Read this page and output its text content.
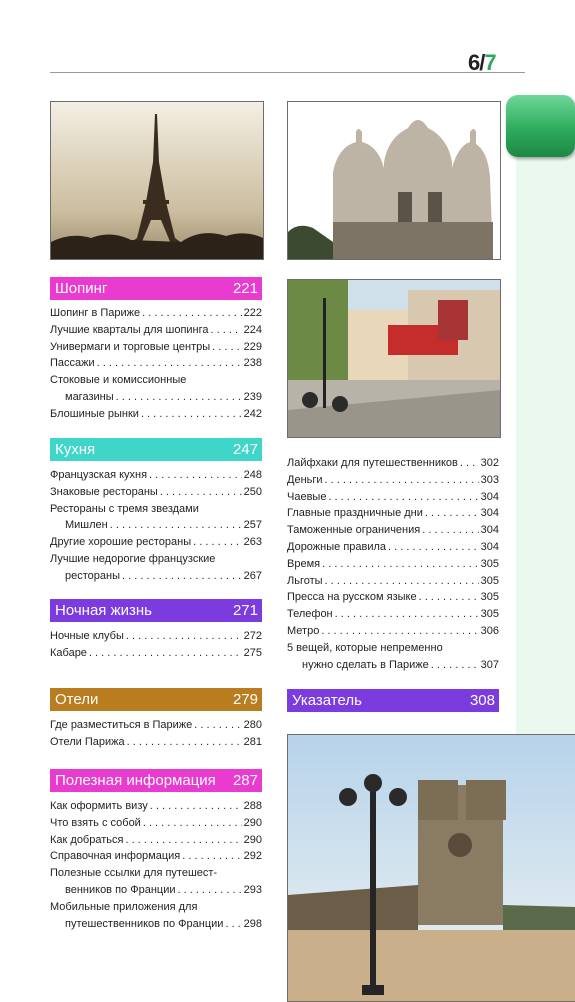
6/7
Шопинг	221
Шопинг в Париже . . .	222
Лучшие кварталы для шопинга . . .	224
Универмаги и торговые центры . . .	229
Пассажи . . .	238
Стоковые и комиссионные
магазины . . .	239
Блошиные рынки . . .	242
Кухня	247
Французская кухня . . .	248
Знаковые рестораны . . .	250
Рестораны с тремя звездами
Мишлен . . .	257
Другие хорошие рестораны . . .	263
Лучшие недорогие французские
рестораны . . .	267
Ночная жизнь	271
Ночные клубы . . .	272
Кабаре . . .	275
Отели	279
Где разместиться в Париже . . .	280
Отели Парижа . . .	281
Полезная информация 287
Как оформить визу . . .	288
Что взять с собой . . .	290
Как добраться . . .	290
Справочная информация . . .	292
Полезные ссылки для путешест-
венников по Франции . . .	293
Мобильные приложения для
путешественников по Франции . . . 298
Лайфхаки для путешественников . . . 302
Деньги . . .	303
Чаевые . . .	304
Главные праздничные дни . . .	304
Таможенные ограничения . . .	304
Дорожные правила . . .	304
Время . . .	305
Льготы . . .	305
Пресса на русском языке . . .	305
Телефон . . .	305
Метро . . .	306
5 вещей, которые непременно
нужно сделать в Париже . . .	307
Указатель	308
